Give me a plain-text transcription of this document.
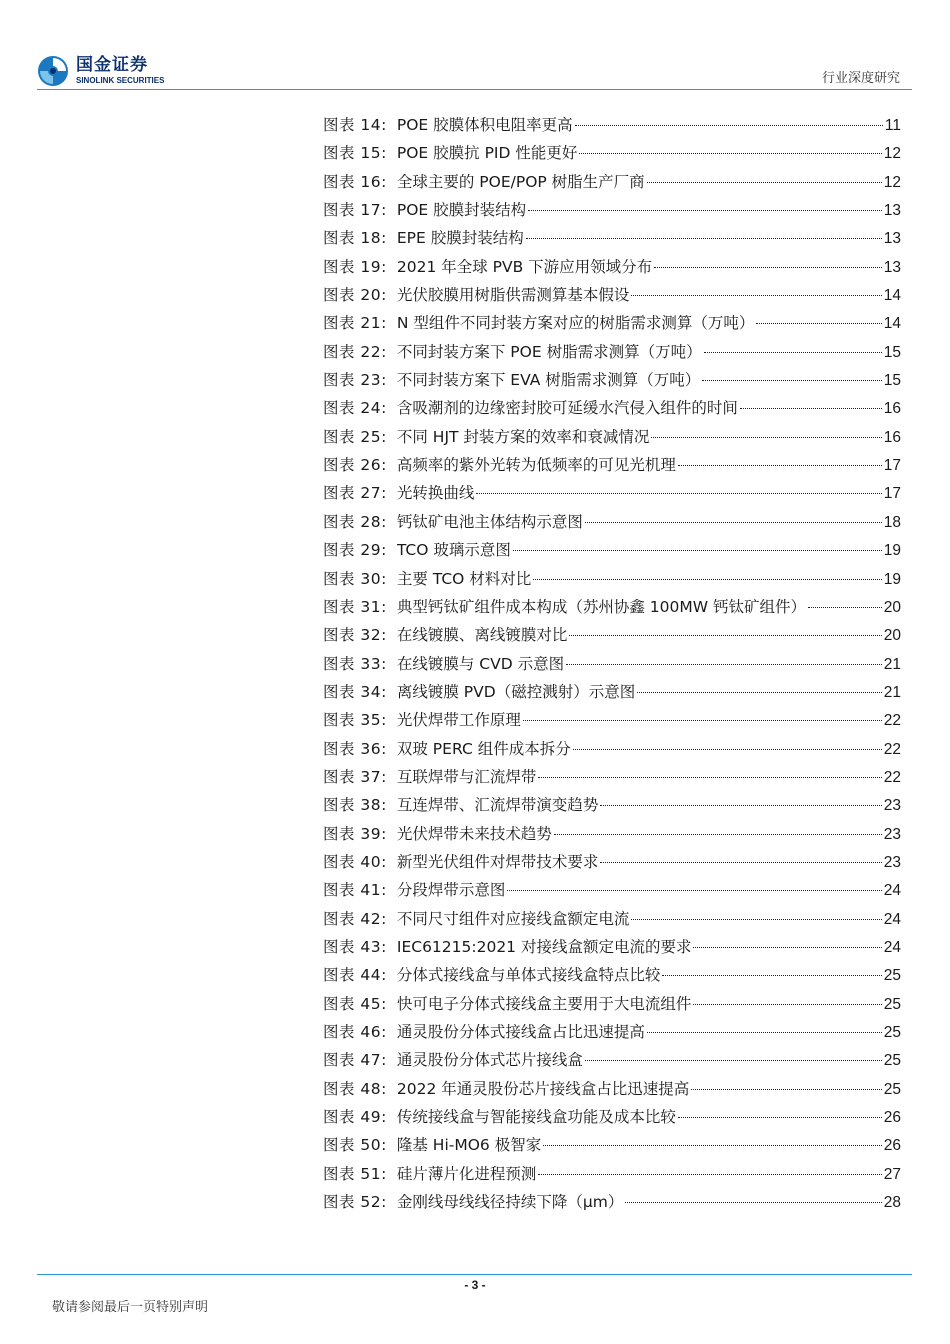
国金证券
SINOLINK SECURITIES	行业深度研究
图表 14: POE 胶膜体积电阻率更高	11
图表 15: POE 胶膜抗 PID 性能更好	12
图表 16: 全球主要的 POE/POP 树脂生产厂商	12
图表 17: POE 胶膜封装结构	13
图表 18: EPE 胶膜封装结构	13
图表 19: 2021 年全球 PVB 下游应用领域分布	13
图表 20: 光伏胶膜用树脂供需测算基本假设	14
图表 21: N 型组件不同封装方案对应的树脂需求测算（万吨）	14
图表 22: 不同封装方案下 POE 树脂需求测算（万吨）	15
图表 23: 不同封装方案下 EVA 树脂需求测算（万吨）	15
图表 24: 含吸潮剂的边缘密封胶可延缓水汽侵入组件的时间	16
图表 25: 不同 HJT 封装方案的效率和衰减情况	16
图表 26: 高频率的紫外光转为低频率的可见光机理	17
图表 27: 光转换曲线	17
图表 28: 钙钛矿电池主体结构示意图	18
图表 29: TCO 玻璃示意图	19
图表 30: 主要 TCO 材料对比	19
图表 31: 典型钙钛矿组件成本构成（苏州协鑫 100MW 钙钛矿组件）	20
图表 32: 在线镀膜、离线镀膜对比	20
图表 33: 在线镀膜与 CVD 示意图	21
图表 34: 离线镀膜 PVD（磁控溅射）示意图	21
图表 35: 光伏焊带工作原理	22
图表 36: 双玻 PERC 组件成本拆分	22
图表 37: 互联焊带与汇流焊带	22
图表 38: 互连焊带、汇流焊带演变趋势	23
图表 39: 光伏焊带未来技术趋势	23
图表 40: 新型光伏组件对焊带技术要求	23
图表 41: 分段焊带示意图	24
图表 42: 不同尺寸组件对应接线盒额定电流	24
图表 43: IEC61215:2021 对接线盒额定电流的要求	24
图表 44: 分体式接线盒与单体式接线盒特点比较	25
图表 45: 快可电子分体式接线盒主要用于大电流组件	25
图表 46: 通灵股份分体式接线盒占比迅速提高	25
图表 47: 通灵股份分体式芯片接线盒	25
图表 48: 2022 年通灵股份芯片接线盒占比迅速提高	25
图表 49: 传统接线盒与智能接线盒功能及成本比较	26
图表 50: 隆基 Hi-MO6 极智家	26
图表 51: 硅片薄片化进程预测	27
图表 52: 金刚线母线线径持续下降（μm）	28
- 3 -
敬请参阅最后一页特别声明
